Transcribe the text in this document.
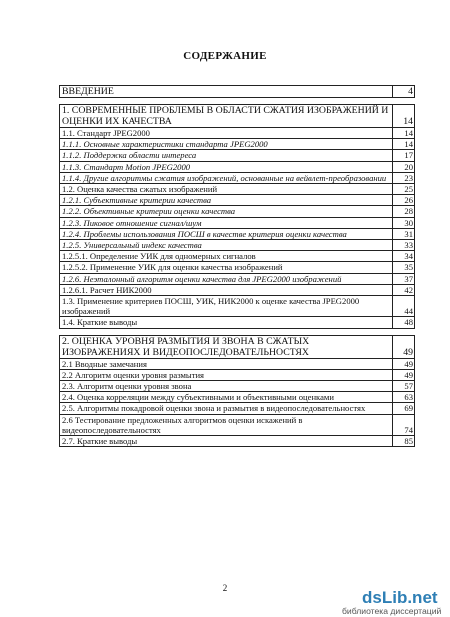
СОДЕРЖАНИЕ
ВВЕДЕНИЕ	4

1. СОВРЕМЕННЫЕ ПРОБЛЕМЫ В ОБЛАСТИ СЖАТИЯ ИЗОБРАЖЕНИЙ И ОЦЕНКИ ИХ КАЧЕСТВА	14
1.1. Стандарт JPEG2000	14
1.1.1. Основные характеристики стандарта JPEG2000	14
1.1.2. Поддержка области интереса	17
1.1.3. Стандарт Motion JPEG2000	20
1.1.4. Другие алгоритмы сжатия изображений, основанные на вейвлет-преобразовании	23
1.2. Оценка качества сжатых изображений	25
1.2.1. Субъективные критерии качества	26
1.2.2. Объективные критерии оценки качества	28
1.2.3. Пиковое отношение сигнал/шум	30
1.2.4. Проблемы использования ПОСШ в качестве критерия оценки качества	31
1.2.5. Универсальный индекс качества	33
1.2.5.1. Определение УИК для одномерных сигналов	34
1.2.5.2. Применение УИК для оценки качества изображений	35
1.2.6. Неэталонный алгоритм оценки качества для JPEG2000 изображений	37
1.2.6.1. Расчет НИК2000	42
1.3. Применение критериев ПОСШ, УИК, НИК2000 к оценке качества JPEG2000 изображений	44
1.4. Краткие выводы	48

2. ОЦЕНКА УРОВНЯ РАЗМЫТИЯ И ЗВОНА В СЖАТЫХ ИЗОБРАЖЕНИЯХ И ВИДЕОПОСЛЕДОВАТЕЛЬНОСТЯХ	49
2.1 Вводные замечания	49
2.2 Алгоритм оценки уровня размытия	49
2.3. Алгоритм оценки уровня звона	57
2.4. Оценка корреляции между субъективными и объективными оценками	63
2.5. Алгоритмы покадровой оценки звона и размытия в видеопоследовательностях	69
2.6 Тестирование предложенных алгоритмов оценки искажений в видеопоследовательностях	74
2.7. Краткие выводы	85
2	dsLib.net
библиотека диссертаций
